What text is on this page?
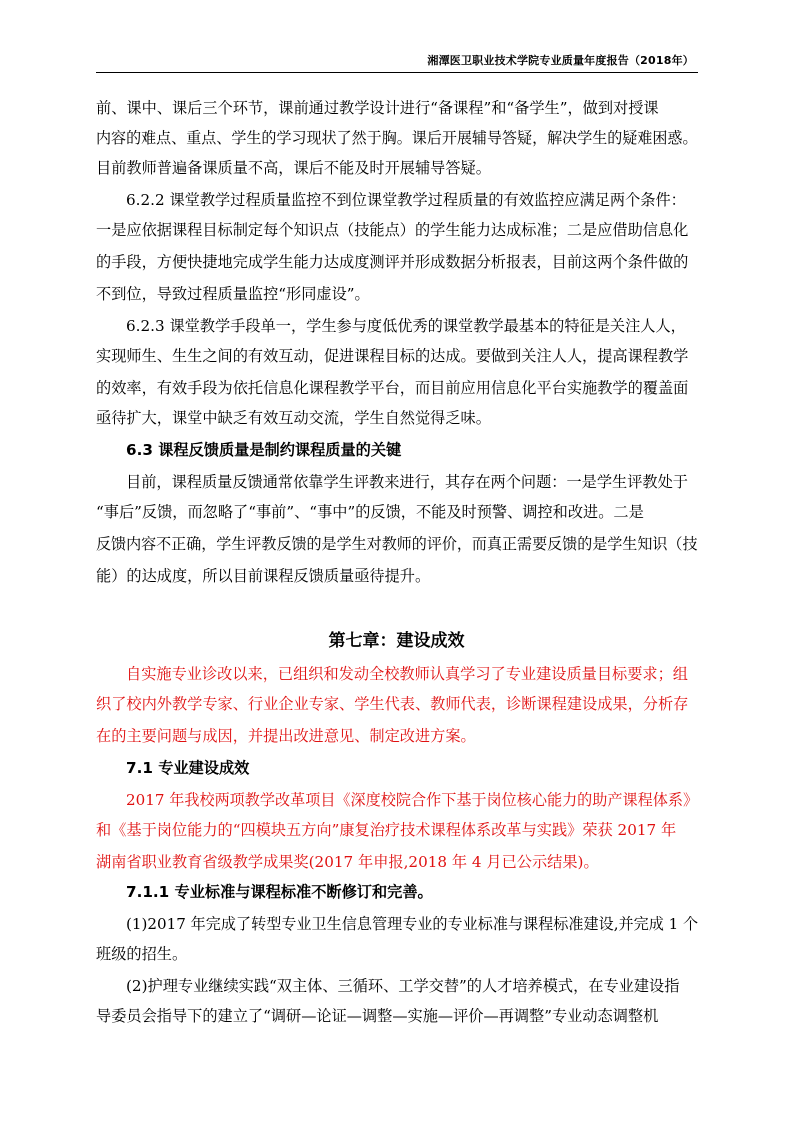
湘潭医卫职业技术学院专业质量年度报告（2018年）
前、课中、课后三个环节，课前通过教学设计进行“备课程”和“备学生”，做到对授课
内容的难点、重点、学生的学习现状了然于胸。课后开展辅导答疑，解决学生的疑难困惑。
目前教师普遍备课质量不高，课后不能及时开展辅导答疑。
6.2.2 课堂教学过程质量监控不到位课堂教学过程质量的有效监控应满足两个条件：
一是应依据课程目标制定每个知识点（技能点）的学生能力达成标准；二是应借助信息化
的手段，方便快捷地完成学生能力达成度测评并形成数据分析报表，目前这两个条件做的
不到位，导致过程质量监控“形同虚设”。
6.2.3 课堂教学手段单一，学生参与度低优秀的课堂教学最基本的特征是关注人人，
实现师生、生生之间的有效互动，促进课程目标的达成。要做到关注人人，提高课程教学
的效率，有效手段为依托信息化课程教学平台，而目前应用信息化平台实施教学的覆盖面
亟待扩大，课堂中缺乏有效互动交流，学生自然觉得乏味。
6.3 课程反馈质量是制约课程质量的关键
目前，课程质量反馈通常依靠学生评教来进行，其存在两个问题：一是学生评教处于
“事后”反馈，而忽略了“事前”、“事中”的反馈，不能及时预警、调控和改进。二是
反馈内容不正确，学生评教反馈的是学生对教师的评价，而真正需要反馈的是学生知识（技
能）的达成度，所以目前课程反馈质量亟待提升。
第七章：建设成效
自实施专业诊改以来，已组织和发动全校教师认真学习了专业建设质量目标要求；组
织了校内外教学专家、行业企业专家、学生代表、教师代表，诊断课程建设成果，分析存
在的主要问题与成因，并提出改进意见、制定改进方案。
7.1 专业建设成效
2017 年我校两项教学改革项目《深度校院合作下基于岗位核心能力的助产课程体系》
和《基于岗位能力的“四模块五方向”康复治疗技术课程体系改革与实践》荣获 2017 年
湖南省职业教育省级教学成果奖(2017 年申报,2018 年 4 月已公示结果)。
7.1.1 专业标准与课程标准不断修订和完善。
(1)2017 年完成了转型专业卫生信息管理专业的专业标准与课程标准建设,并完成 1 个
班级的招生。
(2)护理专业继续实践“双主体、三循环、工学交替”的人才培养模式，在专业建设指
导委员会指导下的建立了“调研—论证—调整—实施—评价—再调整”专业动态调整机
